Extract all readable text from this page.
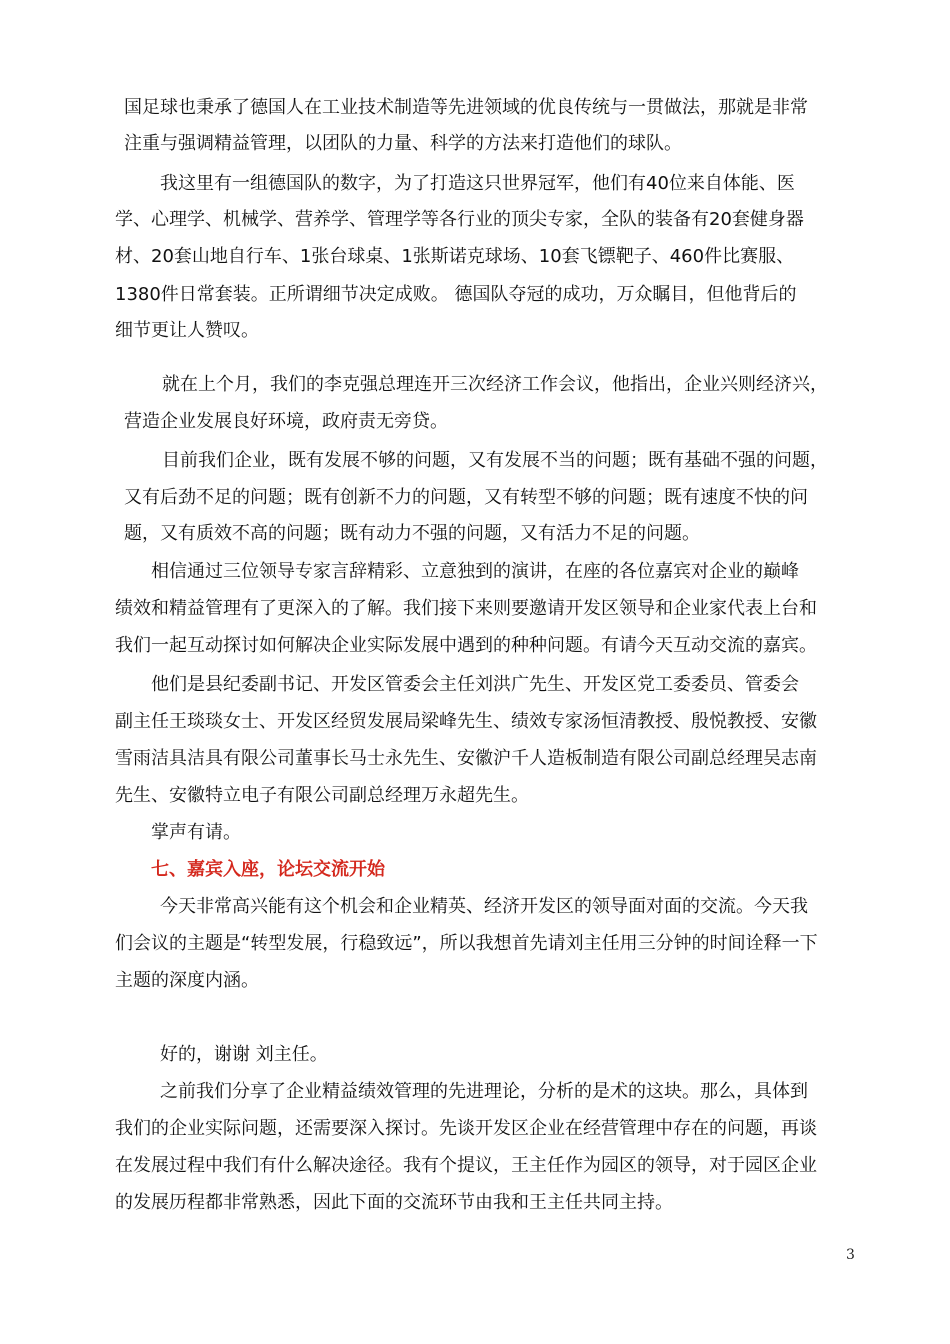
国足球也秉承了德国人在工业技术制造等先进领域的优良传统与一贯做法，那就是非常
注重与强调精益管理，以团队的力量、科学的方法来打造他们的球队。
我这里有一组德国队的数字，为了打造这只世界冠军，他们有40位来自体能、医
学、心理学、机械学、营养学、管理学等各行业的顶尖专家，全队的装备有20套健身器
材、20套山地自行车、1张台球桌、1张斯诺克球场、10套飞镖靶子、460件比赛服、
1380件日常套装。正所谓细节决定成败。 德国队夺冠的成功，万众瞩目，但他背后的
细节更让人赞叹。
就在上个月，我们的李克强总理连开三次经济工作会议，他指出，企业兴则经济兴，
营造企业发展良好环境，政府责无旁贷。
目前我们企业，既有发展不够的问题，又有发展不当的问题；既有基础不强的问题，
又有后劲不足的问题；既有创新不力的问题，又有转型不够的问题；既有速度不快的问
题，又有质效不高的问题；既有动力不强的问题，又有活力不足的问题。
相信通过三位领导专家言辞精彩、立意独到的演讲，在座的各位嘉宾对企业的巅峰
绩效和精益管理有了更深入的了解。我们接下来则要邀请开发区领导和企业家代表上台和
我们一起互动探讨如何解决企业实际发展中遇到的种种问题。有请今天互动交流的嘉宾。
他们是县纪委副书记、开发区管委会主任刘洪广先生、开发区党工委委员、管委会
副主任王琰琰女士、开发区经贸发展局梁峰先生、绩效专家汤恒清教授、殷悦教授、安徽
雪雨洁具洁具有限公司董事长马士永先生、安徽沪千人造板制造有限公司副总经理吴志南
先生、安徽特立电子有限公司副总经理万永超先生。
掌声有请。
七、嘉宾入座，论坛交流开始
今天非常高兴能有这个机会和企业精英、经济开发区的领导面对面的交流。今天我
们会议的主题是“转型发展，行稳致远”，所以我想首先请刘主任用三分钟的时间诠释一下
主题的深度内涵。
好的，谢谢 刘主任。
之前我们分享了企业精益绩效管理的先进理论，分析的是术的这块。那么，具体到
我们的企业实际问题，还需要深入探讨。先谈开发区企业在经营管理中存在的问题，再谈
在发展过程中我们有什么解决途径。我有个提议，王主任作为园区的领导，对于园区企业
的发展历程都非常熟悉，因此下面的交流环节由我和王主任共同主持。
3
